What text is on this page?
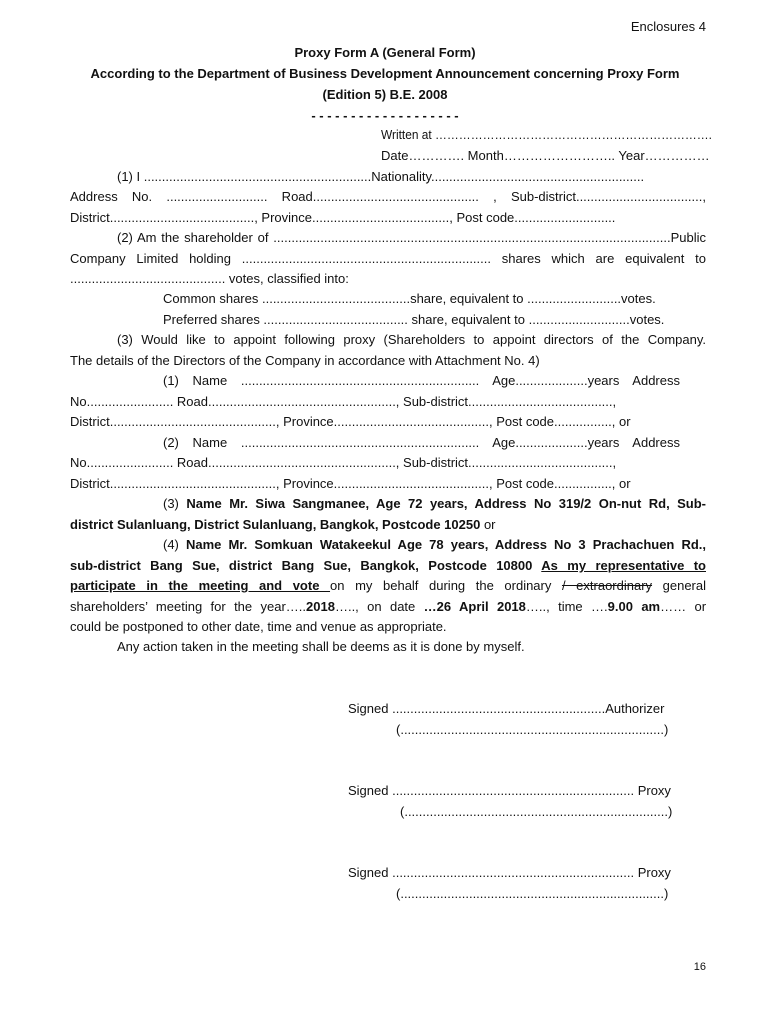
Enclosures 4
Proxy Form A (General Form)
According to the Department of Business Development Announcement concerning Proxy Form
(Edition 5) B.E. 2008
- - - - - - - - - - - - - - - - - - -
Written at …………………………………………………………….
Date…………. Month…………………….. Year……………
(1) I ...............................................................Nationality...........................................................
Address No. ............................ Road.............................................. , Sub-district...................................,
District........................................, Province......................................, Post code............................
(2) Am the shareholder of ..............................................................................................................Public
Company Limited holding ..................................................................... shares which are equivalent to
........................................... votes, classified into:
Common shares .........................................share, equivalent to ..........................votes.
Preferred shares ........................................ share, equivalent to ............................votes.
(3) Would like to appoint following proxy (Shareholders to appoint directors of the Company.
The details of the Directors of the Company in accordance with Attachment No. 4)
(1) Name .................................................................. Age....................years Address
No........................ Road...................................................., Sub-district........................................,
District.............................................., Province..........................................., Post code................, or
(2) Name .................................................................. Age....................years Address
No........................ Road...................................................., Sub-district........................................,
District.............................................., Province..........................................., Post code................, or
(3) Name Mr. Siwa Sangmanee, Age 72 years, Address No 319/2 On-nut Rd, Sub-
district Sulanluang, District Sulanluang, Bangkok, Postcode 10250 or
(4) Name Mr. Somkuan Watakeekul Age 78 years, Address No 3 Prachachuen Rd.,
sub-district Bang Sue, district Bang Sue, Bangkok, Postcode 10800 As my representative to
participate in the meeting and vote on my behalf during the ordinary / extraordinary general
shareholders’ meeting for the year…..2018….., on date …26 April 2018….., time ….9.00 am…… or
could be postponed to other date, time and venue as appropriate.
Any action taken in the meeting shall be deems as it is done by myself.
Signed ...........................................................Authorizer
(.........................................................................)
Signed ................................................................... Proxy
(.........................................................................)
Signed ................................................................... Proxy
(.........................................................................)
16
